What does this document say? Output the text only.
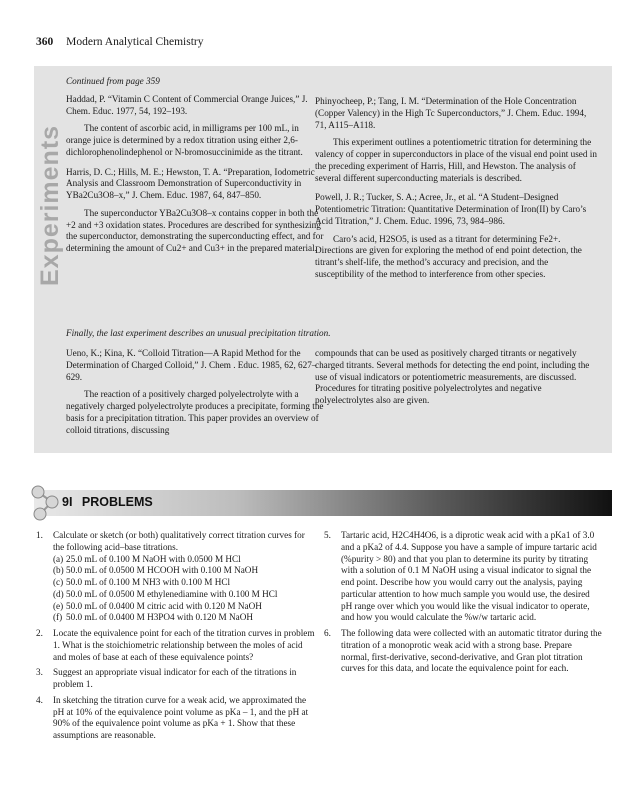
360 Modern Analytical Chemistry
Experiments

Continued from page 359

Haddad, P. “Vitamin C Content of Commercial Orange Juices,” J. Chem. Educ. 1977, 54, 192–193.

The content of ascorbic acid, in milligrams per 100 mL, in orange juice is determined by a redox titration using either 2,6-dichlorophenolindephenol or N-bromosuccinimide as the titrant.

Harris, D. C.; Hills, M. E.; Hewston, T. A. “Preparation, Iodometric Analysis and Classroom Demonstration of Superconductivity in YBa2Cu3O8–x,” J. Chem. Educ. 1987, 64, 847–850.

The superconductor YBa2Cu3O8–x contains copper in both the +2 and +3 oxidation states. Procedures are described for synthesizing the superconductor, demonstrating the superconducting effect, and for determining the amount of Cu2+ and Cu3+ in the prepared material.

Phinyocheep, P.; Tang, I. M. “Determination of the Hole Concentration (Copper Valency) in the High Tc Superconductors,” J. Chem. Educ. 1994, 71, A115–A118.

This experiment outlines a potentiometric titration for determining the valency of copper in superconductors in place of the visual end point used in the preceding experiment of Harris, Hill, and Hewston. The analysis of several different superconducting materials is described.

Powell, J. R.; Tucker, S. A.; Acree, Jr., et al. “A Student–Designed Potentiometric Titration: Quantitative Determination of Iron(II) by Caro’s Acid Titration,” J. Chem. Educ. 1996, 73, 984–986.

Caro’s acid, H2SO5, is used as a titrant for determining Fe2+. Directions are given for exploring the method of end point detection, the titrant’s shelf-life, the method’s accuracy and precision, and the susceptibility of the method to interference from other species.

Finally, the last experiment describes an unusual precipitation titration.

Ueno, K.; Kina, K. “Colloid Titration—A Rapid Method for the Determination of Charged Colloid,” J. Chem . Educ. 1985, 62, 627–629.

The reaction of a positively charged polyelectrolyte with a negatively charged polyelectrolyte produces a precipitate, forming the basis for a precipitation titration. This paper provides an overview of colloid titrations, discussing

compounds that can be used as positively charged titrants or negatively charged titrants. Several methods for detecting the end point, including the use of visual indicators or potentiometric measurements, are discussed. Procedures for titrating positive polyelectrolytes and negative polyelectrolytes also are given.

9I PROBLEMS
1. Calculate or sketch (or both) qualitatively correct titration curves for the following acid–base titrations.
(a) 25.0 mL of 0.100 M NaOH with 0.0500 M HCl
(b) 50.0 mL of 0.0500 M HCOOH with 0.100 M NaOH
(c) 50.0 mL of 0.100 M NH3 with 0.100 M HCl
(d) 50.0 mL of 0.0500 M ethylenediamine with 0.100 M HCl
(e) 50.0 mL of 0.0400 M citric acid with 0.120 M NaOH
(f) 50.0 mL of 0.0400 M H3PO4 with 0.120 M NaOH
2. Locate the equivalence point for each of the titration curves in problem 1. What is the stoichiometric relationship between the moles of acid and moles of base at each of these equivalence points?
3. Suggest an appropriate visual indicator for each of the titrations in problem 1.
4. In sketching the titration curve for a weak acid, we approximated the pH at 10% of the equivalence point volume as pKa – 1, and the pH at 90% of the equivalence point volume as pKa + 1. Show that these assumptions are reasonable.
5. Tartaric acid, H2C4H4O6, is a diprotic weak acid with a pKa1 of 3.0 and a pKa2 of 4.4. Suppose you have a sample of impure tartaric acid (%purity > 80) and that you plan to determine its purity by titrating with a solution of 0.1 M NaOH using a visual indicator to signal the end point. Describe how you would carry out the analysis, paying particular attention to how much sample you would use, the desired pH range over which you would like the visual indicator to operate, and how you would calculate the %w/w tartaric acid.
6. The following data were collected with an automatic titrator during the titration of a monoprotic weak acid with a strong base. Prepare normal, first-derivative, second-derivative, and Gran plot titration curves for this data, and locate the equivalence point for each.
